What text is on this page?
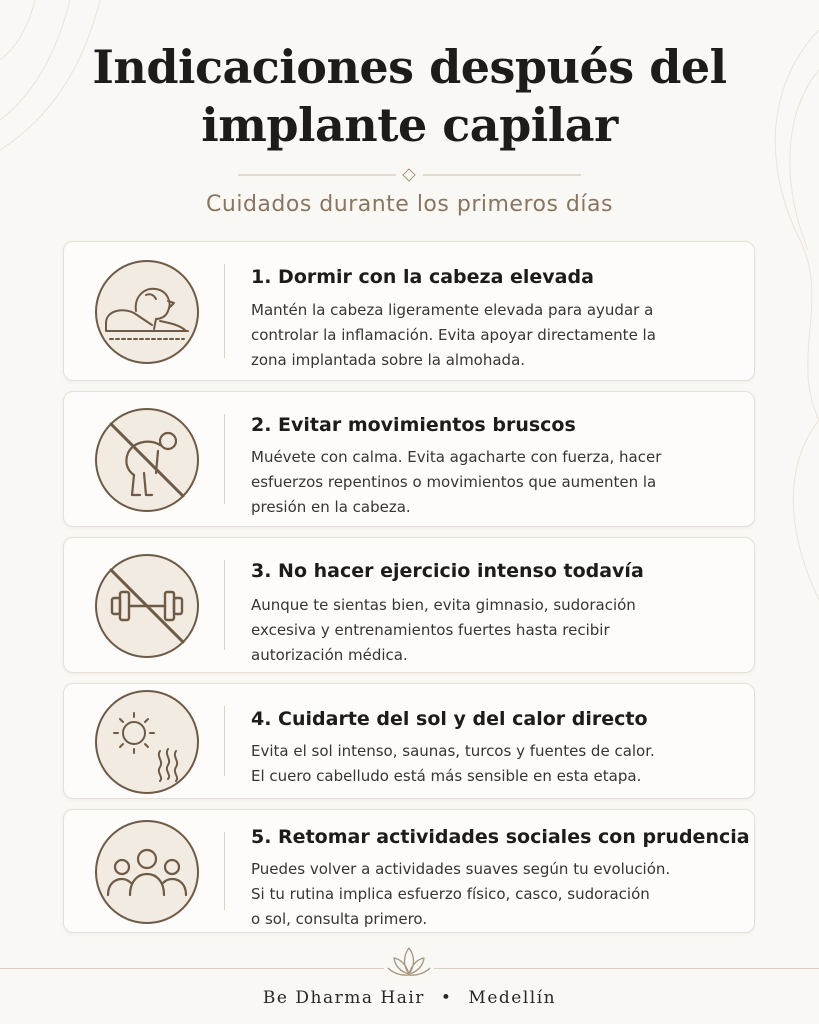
Indicaciones después del
implante capilar
Cuidados durante los primeros días
1. Dormir con la cabeza elevada
Mantén la cabeza ligeramente elevada para ayudar a
controlar la inflamación. Evita apoyar directamente la
zona implantada sobre la almohada.
2. Evitar movimientos bruscos
Muévete con calma. Evita agacharte con fuerza, hacer
esfuerzos repentinos o movimientos que aumenten la
presión en la cabeza.
3. No hacer ejercicio intenso todavía
Aunque te sientas bien, evita gimnasio, sudoración
excesiva y entrenamientos fuertes hasta recibir
autorización médica.
4. Cuidarte del sol y del calor directo
Evita el sol intenso, saunas, turcos y fuentes de calor.
El cuero cabelludo está más sensible en esta etapa.
5. Retomar actividades sociales con prudencia
Puedes volver a actividades suaves según tu evolución.
Si tu rutina implica esfuerzo físico, casco, sudoración
o sol, consulta primero.
Be Dharma Hair • Medellín
